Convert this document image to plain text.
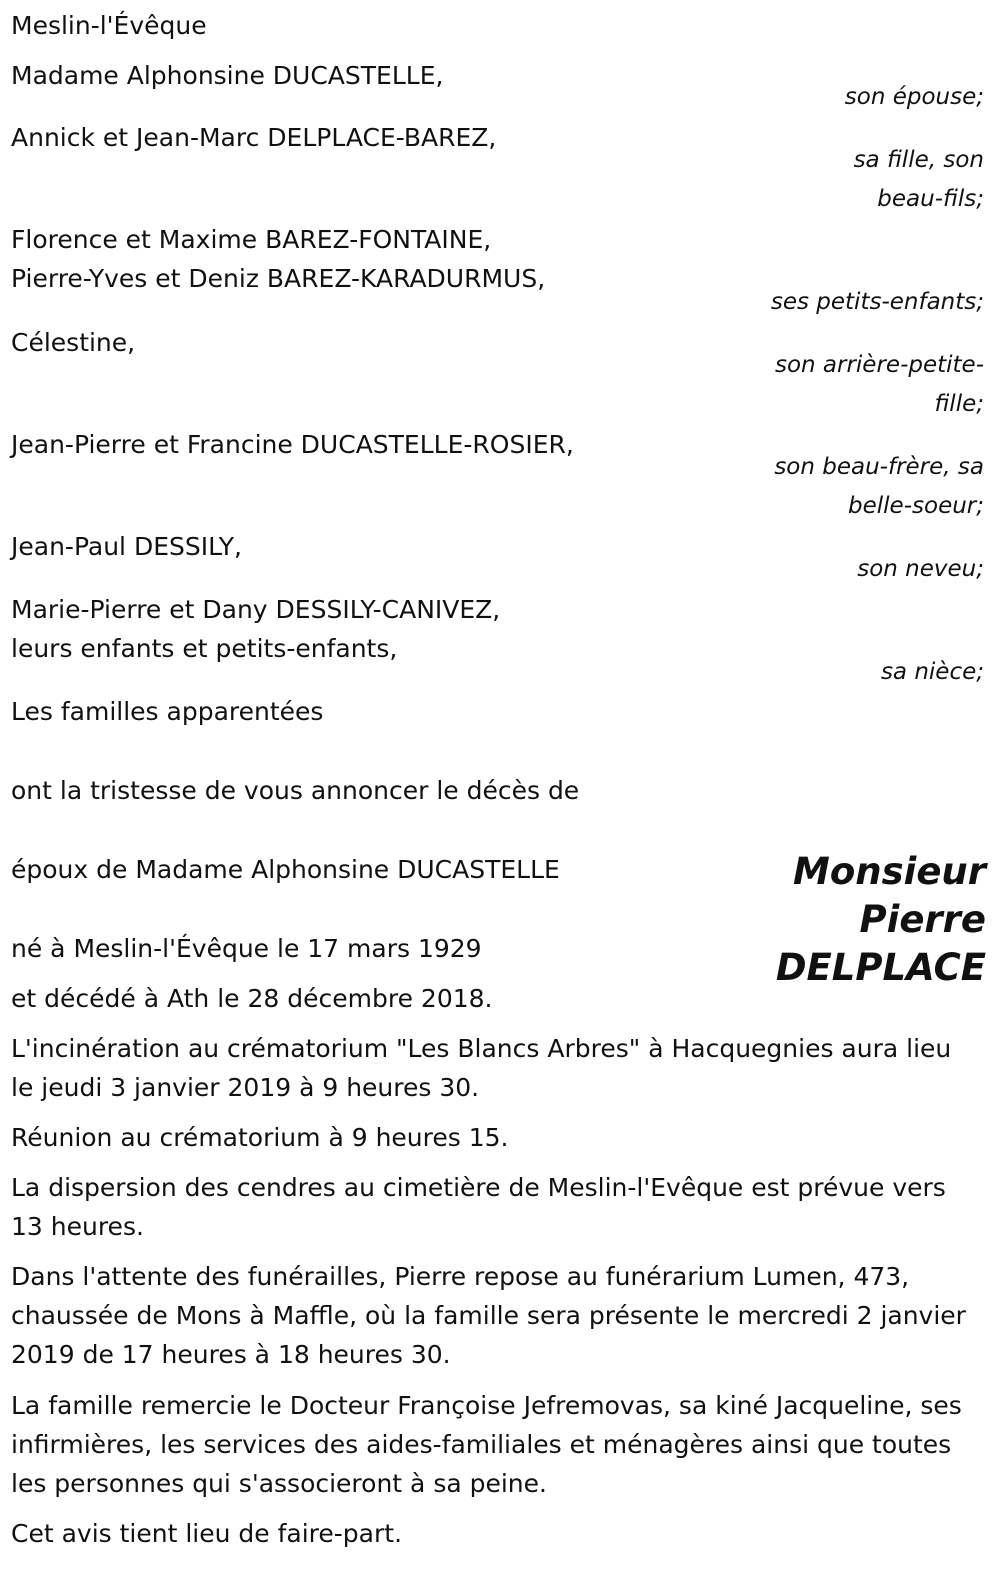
Meslin-l'Évêque
Madame Alphonsine DUCASTELLE,
son épouse;
Annick et Jean-Marc DELPLACE-BAREZ,
sa fille, son
beau-fils;
Florence et Maxime BAREZ-FONTAINE,
Pierre-Yves et Deniz BAREZ-KARADURMUS,
ses petits-enfants;
Célestine,
son arrière-petite-
fille;
Jean-Pierre et Francine DUCASTELLE-ROSIER,
son beau-frère, sa
belle-soeur;
Jean-Paul DESSILY,
son neveu;
Marie-Pierre et Dany DESSILY-CANIVEZ,
leurs enfants et petits-enfants,
sa nièce;
Les familles apparentées
ont la tristesse de vous annoncer le décès de
Monsieur
Pierre
DELPLACE
époux de Madame Alphonsine DUCASTELLE
né à Meslin-l'Évêque le 17 mars 1929
et décédé à Ath le 28 décembre 2018.
L'incinération au crématorium "Les Blancs Arbres" à Hacquegnies aura lieu le jeudi 3 janvier 2019 à 9 heures 30.
Réunion au crématorium à 9 heures 15.
La dispersion des cendres au cimetière de Meslin-l'Evêque est prévue vers 13 heures.
Dans l'attente des funérailles, Pierre repose au funérarium Lumen, 473, chaussée de Mons à Maffle, où la famille sera présente le mercredi 2 janvier 2019 de 17 heures à 18 heures 30.
La famille remercie le Docteur Françoise Jefremovas, sa kiné Jacqueline, ses infirmières, les services des aides-familiales et ménagères ainsi que toutes les personnes qui s'associeront à sa peine.
Cet avis tient lieu de faire-part.
